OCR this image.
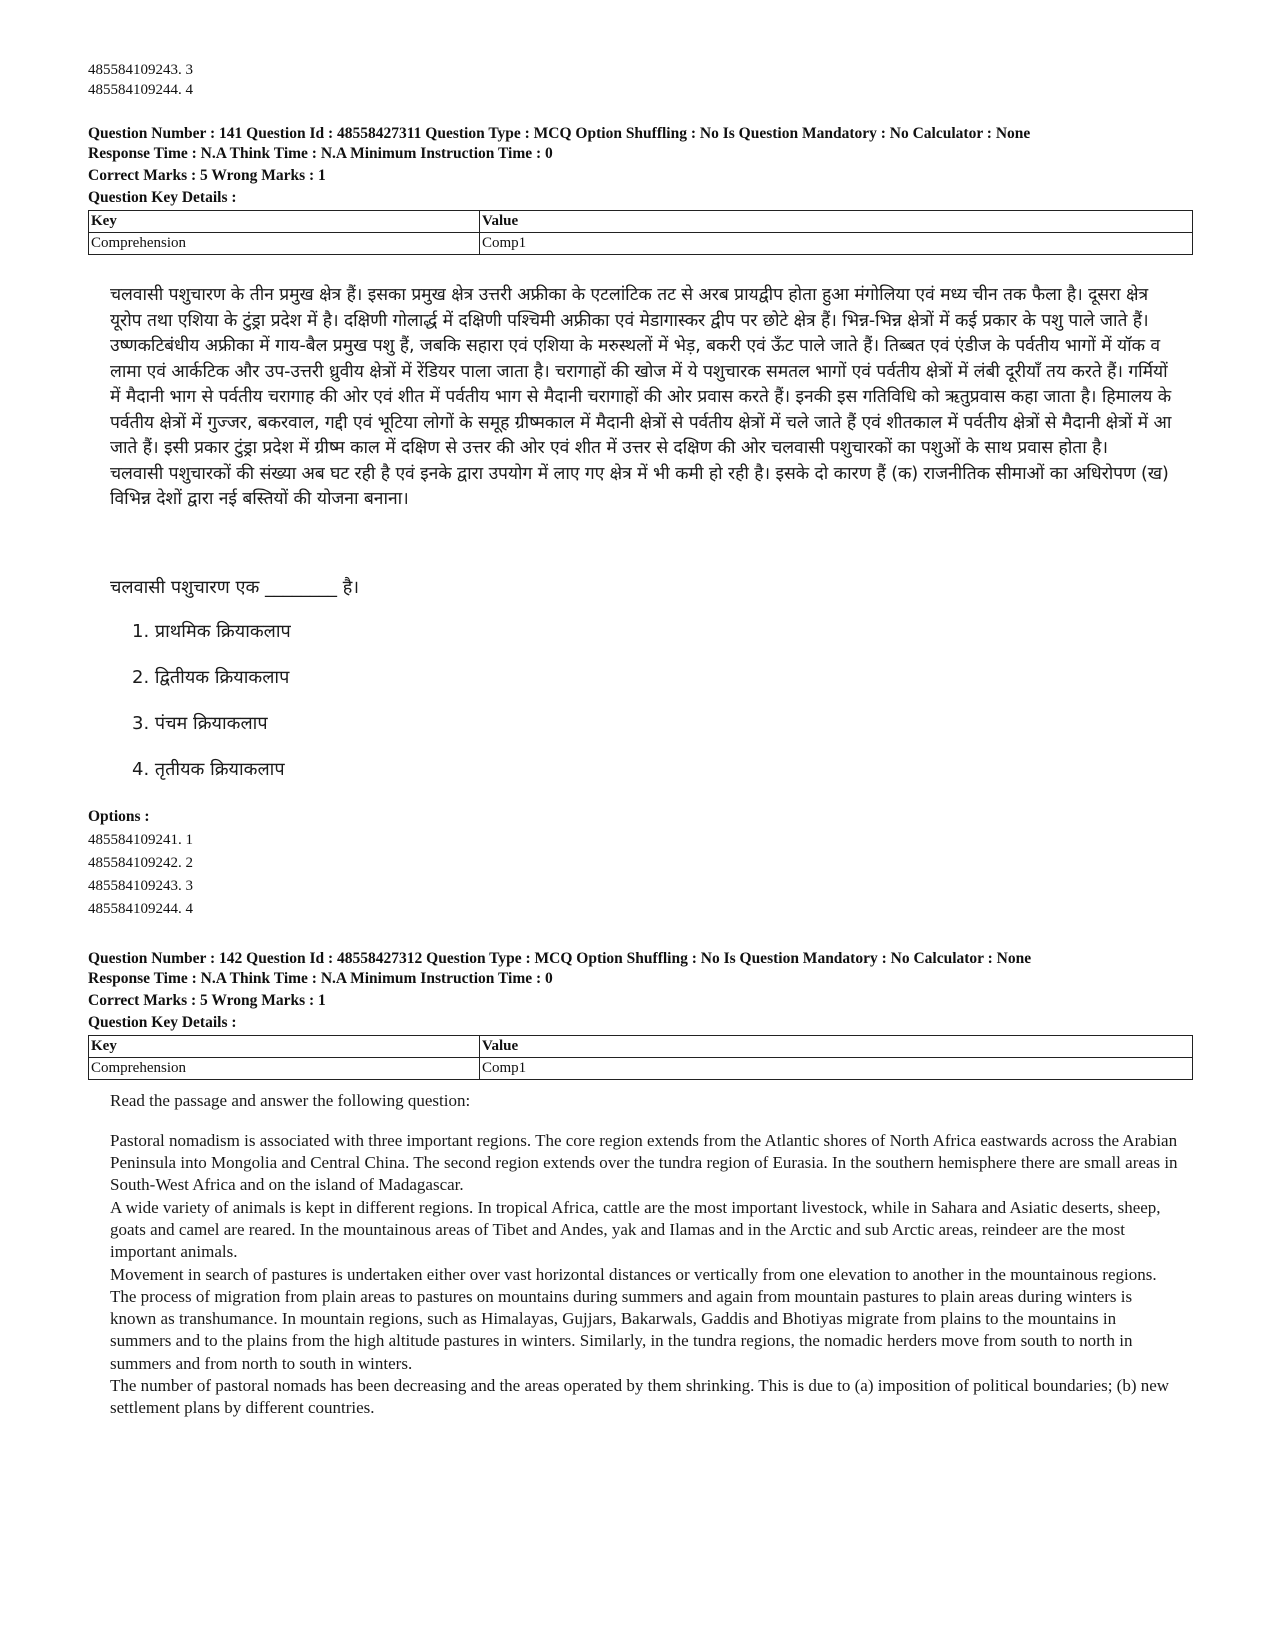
485584109243. 3

485584109244. 4

Question Number : 141 Question Id : 48558427311 Question Type : MCQ Option Shuffling : No Is Question Mandatory : No Calculator : None

Response Time : N.A Think Time : N.A Minimum Instruction Time : 0

Correct Marks : 5 Wrong Marks : 1

Question Key Details :

Key	Value
Comprehension	Comp1

चलवासी पशुचारण के तीन प्रमुख क्षेत्र हैं। इसका प्रमुख क्षेत्र उत्तरी अफ्रीका के एटलांटिक तट से अरब प्रायद्वीप होता हुआ मंगोलिया एवं मध्य चीन तक फैला है। दूसरा क्षेत्र यूरोप तथा एशिया के टुंड्रा प्रदेश में है। दक्षिणी गोलार्द्ध में दक्षिणी पश्चिमी अफ्रीका एवं मेडागास्कर द्वीप पर छोटे क्षेत्र हैं। भिन्न-भिन्न क्षेत्रों में कई प्रकार के पशु पाले जाते हैं। उष्णकटिबंधीय अफ्रीका में गाय-बैल प्रमुख पशु हैं, जबकि सहारा एवं एशिया के मरुस्थलों में भेड़, बकरी एवं ऊँट पाले जाते हैं। तिब्बत एवं एंडीज के पर्वतीय भागों में यॉक व लामा एवं आर्कटिक और उप-उत्तरी ध्रुवीय क्षेत्रों में रेंडियर पाला जाता है। चरागाहों की खोज में ये पशुचारक समतल भागों एवं पर्वतीय क्षेत्रों में लंबी दूरीयाँ तय करते हैं। गर्मियों में मैदानी भाग से पर्वतीय चरागाह की ओर एवं शीत में पर्वतीय भाग से मैदानी चरागाहों की ओर प्रवास करते हैं। इनकी इस गतिविधि को ऋतुप्रवास कहा जाता है। हिमालय के पर्वतीय क्षेत्रों में गुज्जर, बकरवाल, गद्दी एवं भूटिया लोगों के समूह ग्रीष्मकाल में मैदानी क्षेत्रों से पर्वतीय क्षेत्रों में चले जाते हैं एवं शीतकाल में पर्वतीय क्षेत्रों से मैदानी क्षेत्रों में आ जाते हैं। इसी प्रकार टुंड्रा प्रदेश में ग्रीष्म काल में दक्षिण से उत्तर की ओर एवं शीत में उत्तर से दक्षिण की ओर चलवासी पशुचारकों का पशुओं के साथ प्रवास होता है।

चलवासी पशुचारकों की संख्या अब घट रही है एवं इनके द्वारा उपयोग में लाए गए क्षेत्र में भी कमी हो रही है। इसके दो कारण हैं (क) राजनीतिक सीमाओं का अधिरोपण (ख) विभिन्न देशों द्वारा नई बस्तियों की योजना बनाना।

चलवासी पशुचारण एक ________ है।
1. प्राथमिक क्रियाकलाप
2. द्वितीयक क्रियाकलाप
3. पंचम क्रियाकलाप
4. तृतीयक क्रियाकलाप

Options :

485584109241. 1

485584109242. 2

485584109243. 3

485584109244. 4

Question Number : 142 Question Id : 48558427312 Question Type : MCQ Option Shuffling : No Is Question Mandatory : No Calculator : None

Response Time : N.A Think Time : N.A Minimum Instruction Time : 0

Correct Marks : 5 Wrong Marks : 1

Question Key Details :

Key	Value
Comprehension	Comp1

Read the passage and answer the following question:

Pastoral nomadism is associated with three important regions. The core region extends from the Atlantic shores of North Africa eastwards across the Arabian Peninsula into Mongolia and Central China. The second region extends over the tundra region of Eurasia. In the southern hemisphere there are small areas in South-West Africa and on the island of Madagascar.

A wide variety of animals is kept in different regions. In tropical Africa, cattle are the most important livestock, while in Sahara and Asiatic deserts, sheep, goats and camel are reared. In the mountainous areas of Tibet and Andes, yak and Ilamas and in the Arctic and sub Arctic areas, reindeer are the most important animals.

Movement in search of pastures is undertaken either over vast horizontal distances or vertically from one elevation to another in the mountainous regions. The process of migration from plain areas to pastures on mountains during summers and again from mountain pastures to plain areas during winters is known as transhumance. In mountain regions, such as Himalayas, Gujjars, Bakarwals, Gaddis and Bhotiyas migrate from plains to the mountains in summers and to the plains from the high altitude pastures in winters. Similarly, in the tundra regions, the nomadic herders move from south to north in summers and from north to south in winters.

The number of pastoral nomads has been decreasing and the areas operated by them shrinking. This is due to (a) imposition of political boundaries; (b) new settlement plans by different countries.
